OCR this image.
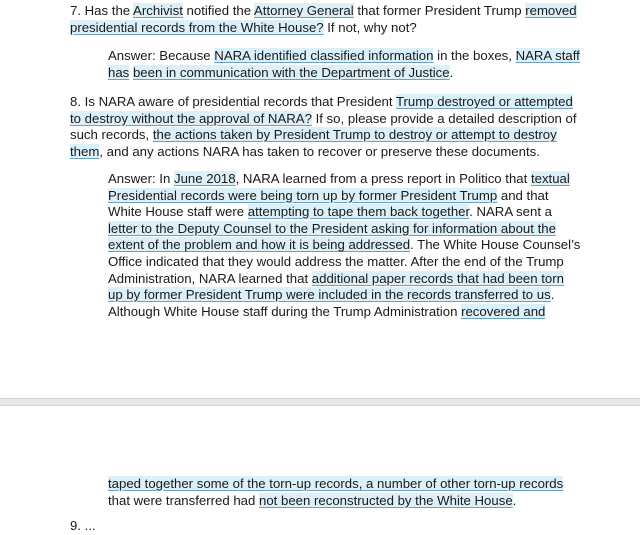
7. Has the Archivist notified the Attorney General that former President Trump removed
presidential records from the White House? If not, why not?

Answer: Because NARA identified classified information in the boxes, NARA staff
has been in communication with the Department of Justice.

8. Is NARA aware of presidential records that President Trump destroyed or attempted
to destroy without the approval of NARA? If so, please provide a detailed description of
such records, the actions taken by President Trump to destroy or attempt to destroy
them, and any actions NARA has taken to recover or preserve these documents.

Answer: In June 2018, NARA learned from a press report in Politico that textual
Presidential records were being torn up by former President Trump and that
White House staff were attempting to tape them back together. NARA sent a
letter to the Deputy Counsel to the President asking for information about the
extent of the problem and how it is being addressed. The White House Counsel’s
Office indicated that they would address the matter. After the end of the Trump
Administration, NARA learned that additional paper records that had been torn
up by former President Trump were included in the records transferred to us.
Although White House staff during the Trump Administration recovered and

taped together some of the torn-up records, a number of other torn-up records
that were transferred had not been reconstructed by the White House.

9. ...
